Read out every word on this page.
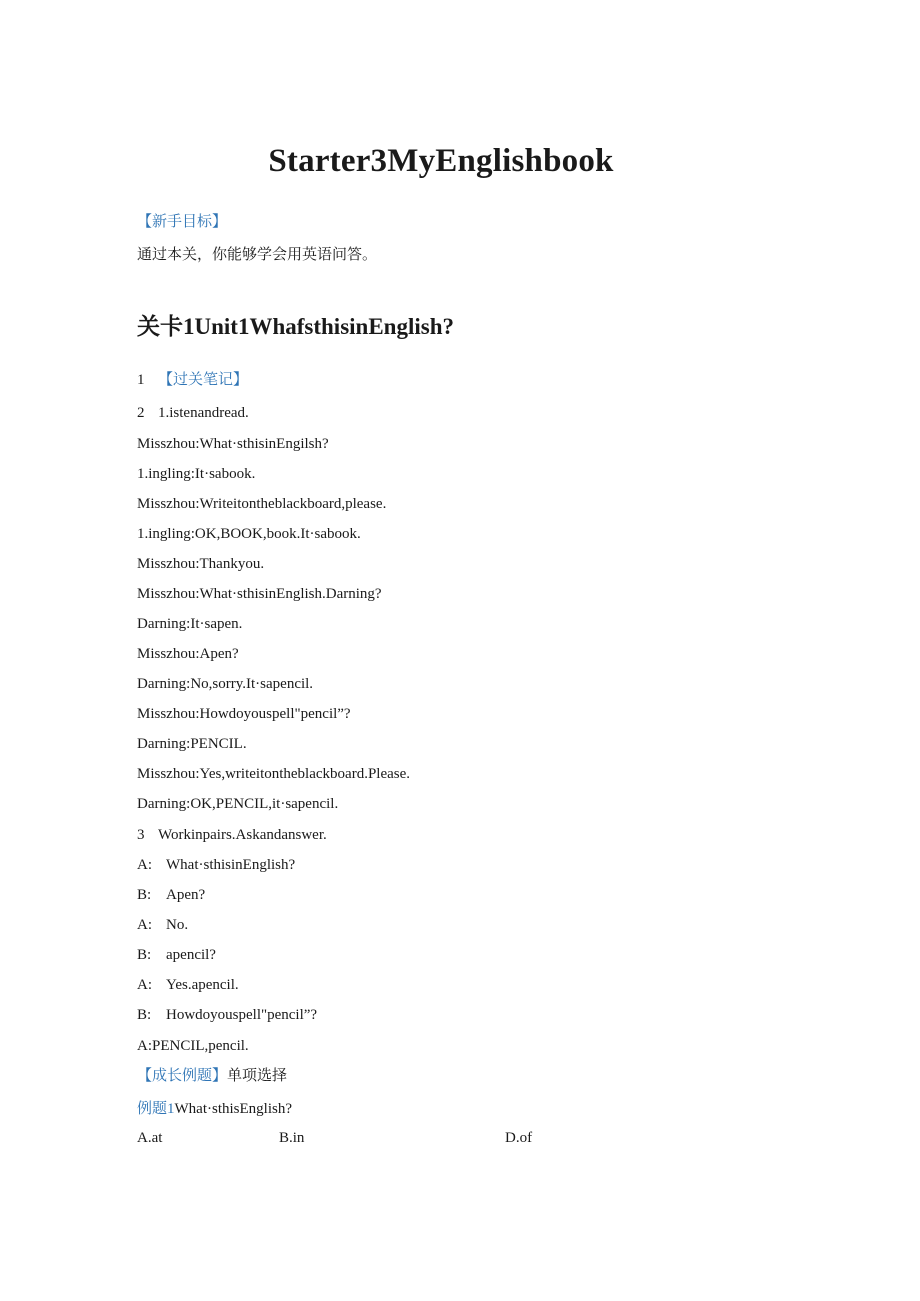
Starter3MyEnglishbook
【新手目标】
通过本关，你能够学会用英语问答。
关卡1Unit1WhafsthisinEnglish?
1 【过关笔记】
2 1.istenandread.
Misszhou:What·sthisinEngilsh?
1.ingling:It·sabook.
Misszhou:Writeitontheblackboard,please.
1.ingling:OK,BOOK,book.It·sabook.
Misszhou:Thankyou.
Misszhou:What·sthisinEnglish.Darning?
Darning:It·sapen.
Misszhou:Apen?
Darning:No,sorry.It·sapencil.
Misszhou:Howdoyouspell"pencil”?
Darning:PENCIL.
Misszhou:Yes,writeitontheblackboard.Please.
Darning:OK,PENCIL,it·sapencil.
3 Workinpairs.Askandanswer.
A: What·sthisinEnglish?
B: Apen?
A: No.
B: apencil?
A: Yes.apencil.
B: Howdoyouspell"pencil”?
A:PENCIL,pencil.
【成长例题】单项选择
例题1What·sthisEnglish?
A.at	B.in	D.of
